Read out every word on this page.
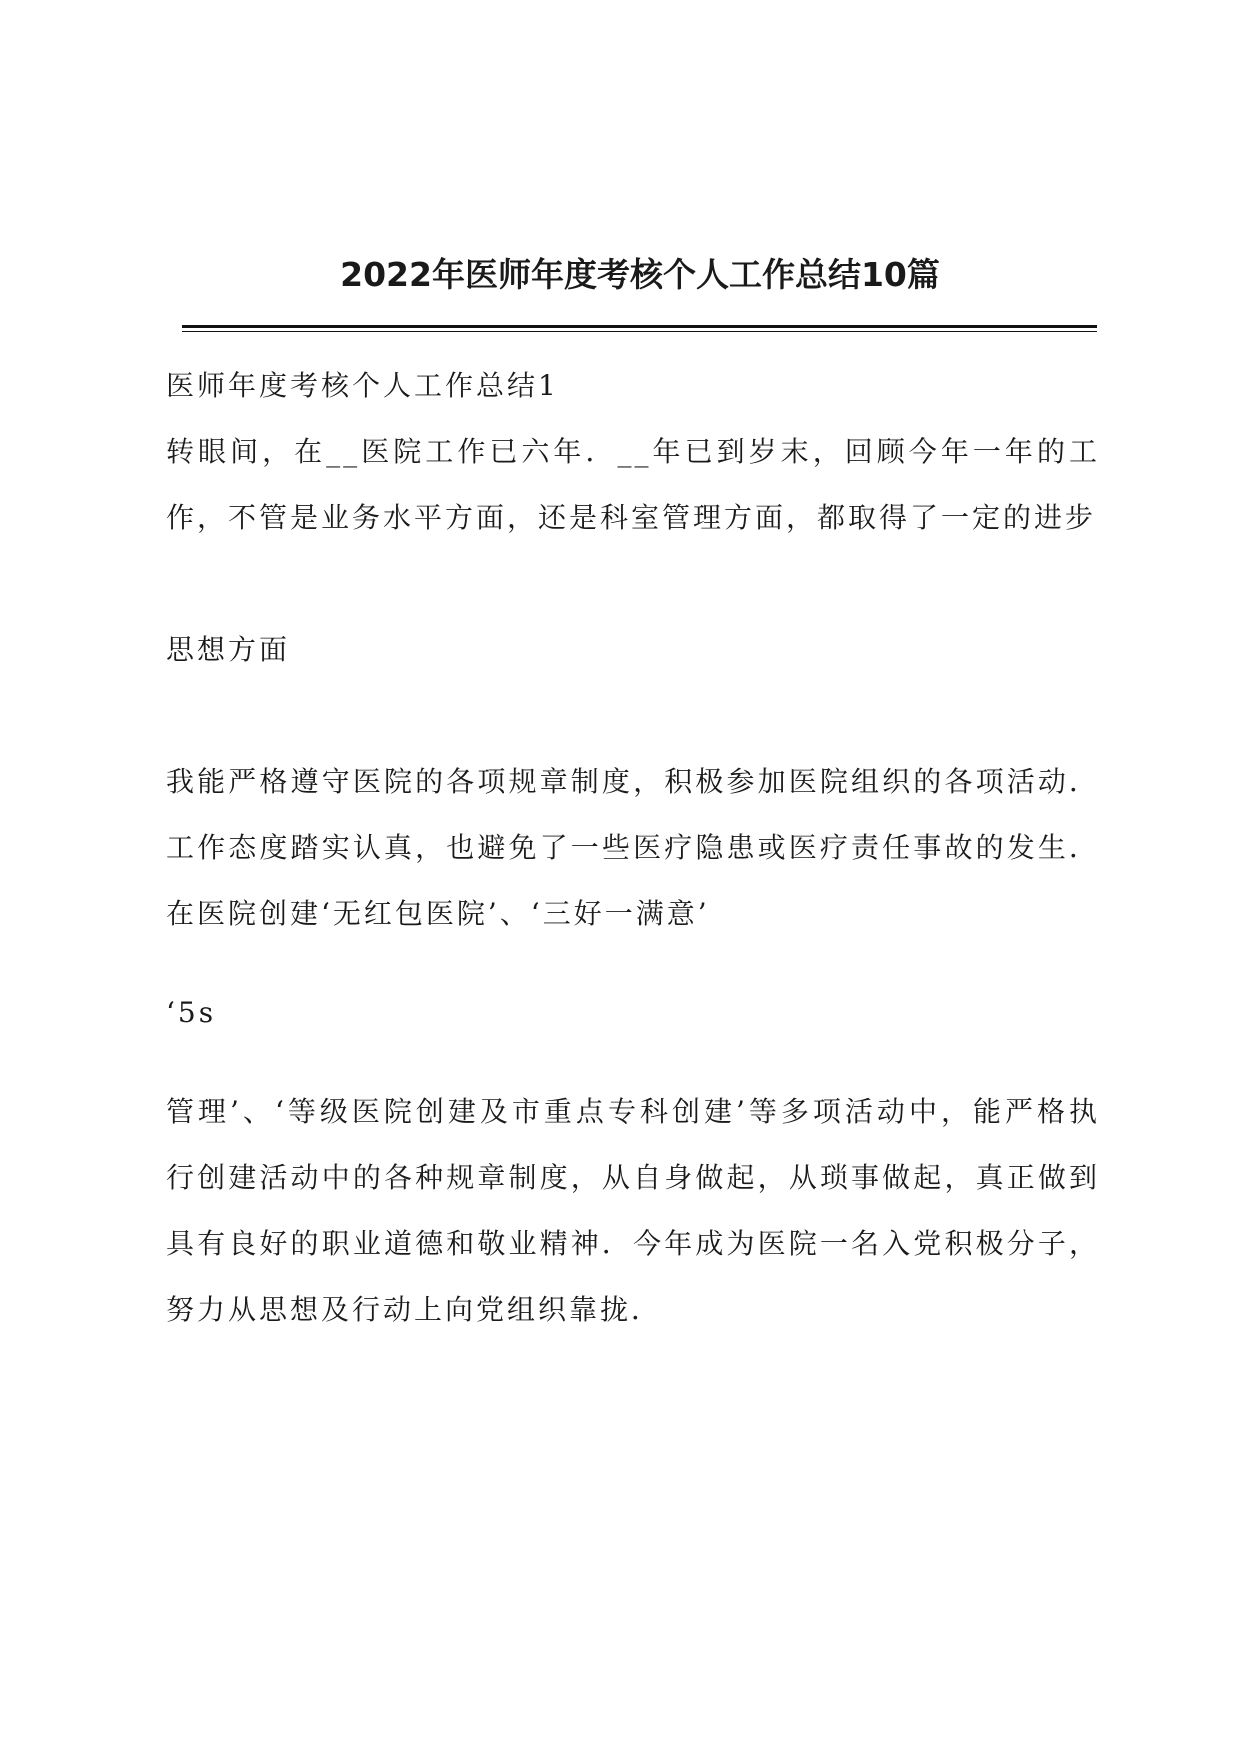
2022年医师年度考核个人工作总结10篇
医师年度考核个人工作总结1
转眼间，在__医院工作已六年．__年已到岁末，回顾今年一年的工作，不管是业务水平方面，还是科室管理方面，都取得了一定的进步
思想方面
我能严格遵守医院的各项规章制度，积极参加医院组织的各项活动．工作态度踏实认真，也避免了一些医疗隐患或医疗责任事故的发生．在医院创建‘无红包医院’、‘三好一满意’
‘5s
管理’、‘等级医院创建及市重点专科创建’等多项活动中，能严格执行创建活动中的各种规章制度，从自身做起，从琐事做起，真正做到具有良好的职业道德和敬业精神．今年成为医院一名入党积极分子，努力从思想及行动上向党组织靠拢．
